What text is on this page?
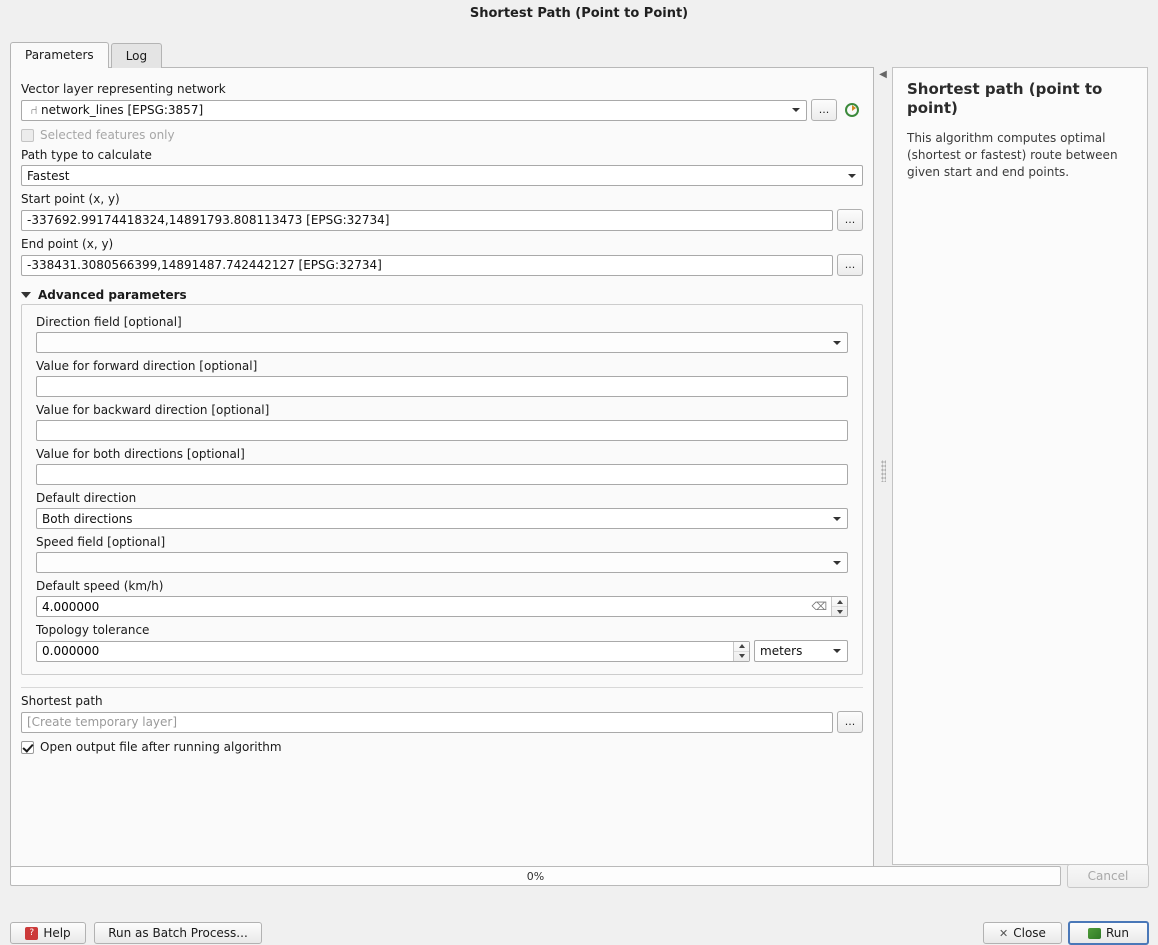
Shortest Path (Point to Point)
Parameters	Log
Vector layer representing network
⑁ network_lines [EPSG:3857]	...
Selected features only
Path type to calculate
Fastest
Start point (x, y)
-337692.99174418324,14891793.808113473 [EPSG:32734]	...
End point (x, y)
-338431.3080566399,14891487.742442127 [EPSG:32734]	...
Advanced parameters
Direction field [optional]
Value for forward direction [optional]
Value for backward direction [optional]
Value for both directions [optional]
Default direction
Both directions
Speed field [optional]
Default speed (km/h)
4.000000	⌫
Topology tolerance
0.000000	meters
Shortest path
[Create temporary layer]	...
Open output file after running algorithm
◀
Shortest path (point to point)
This algorithm computes optimal (shortest or fastest) route between given start and end points.
0%	Cancel
? Help	Run as Batch Process...	✕ Close	Run
